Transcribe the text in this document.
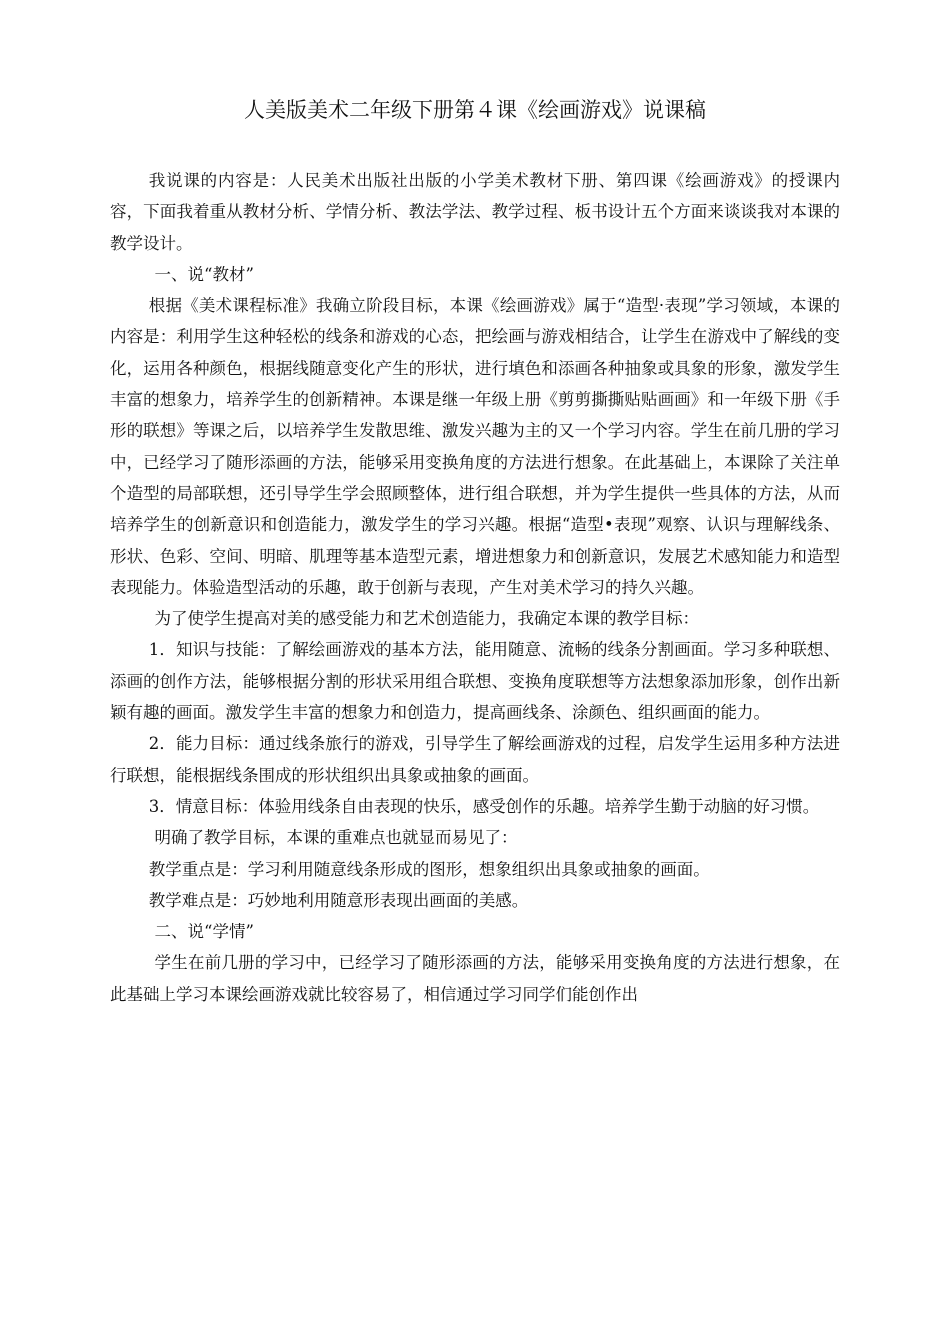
人美版美术二年级下册第４课《绘画游戏》说课稿

我说课的内容是：人民美术出版社出版的小学美术教材下册、第四课《绘画游戏》的授课内容，下面我着重从教材分析、学情分析、教法学法、教学过程、板书设计五个方面来谈谈我对本课的教学设计。

一、说“教材”

根据《美术课程标准》我确立阶段目标，本课《绘画游戏》属于“造型·表现”学习领域，本课的内容是：利用学生这种轻松的线条和游戏的心态，把绘画与游戏相结合，让学生在游戏中了解线的变化，运用各种颜色，根据线随意变化产生的形状，进行填色和添画各种抽象或具象的形象，激发学生丰富的想象力，培养学生的创新精神。本课是继一年级上册《剪剪撕撕贴贴画画》和一年级下册《手形的联想》等课之后，以培养学生发散思维、激发兴趣为主的又一个学习内容。学生在前几册的学习中，已经学习了随形添画的方法，能够采用变换角度的方法进行想象。在此基础上，本课除了关注单个造型的局部联想，还引导学生学会照顾整体，进行组合联想，并为学生提供一些具体的方法，从而培养学生的创新意识和创造能力，激发学生的学习兴趣。根据“造型•表现”观察、认识与理解线条、形状、色彩、空间、明暗、肌理等基本造型元素，增进想象力和创新意识，发展艺术感知能力和造型表现能力。体验造型活动的乐趣，敢于创新与表现，产生对美术学习的持久兴趣。

为了使学生提高对美的感受能力和艺术创造能力，我确定本课的教学目标：

1．知识与技能：了解绘画游戏的基本方法，能用随意、流畅的线条分割画面。学习多种联想、添画的创作方法，能够根据分割的形状采用组合联想、变换角度联想等方法想象添加形象，创作出新颖有趣的画面。激发学生丰富的想象力和创造力，提高画线条、涂颜色、组织画面的能力。

2．能力目标：通过线条旅行的游戏，引导学生了解绘画游戏的过程，启发学生运用多种方法进行联想，能根据线条围成的形状组织出具象或抽象的画面。

3．情意目标：体验用线条自由表现的快乐，感受创作的乐趣。培养学生勤于动脑的好习惯。

明确了教学目标，本课的重难点也就显而易见了：

教学重点是：学习利用随意线条形成的图形，想象组织出具象或抽象的画面。

教学难点是：巧妙地利用随意形表现出画面的美感。

二、说“学情”

学生在前几册的学习中，已经学习了随形添画的方法，能够采用变换角度的方法进行想象，在此基础上学习本课绘画游戏就比较容易了，相信通过学习同学们能创作出
